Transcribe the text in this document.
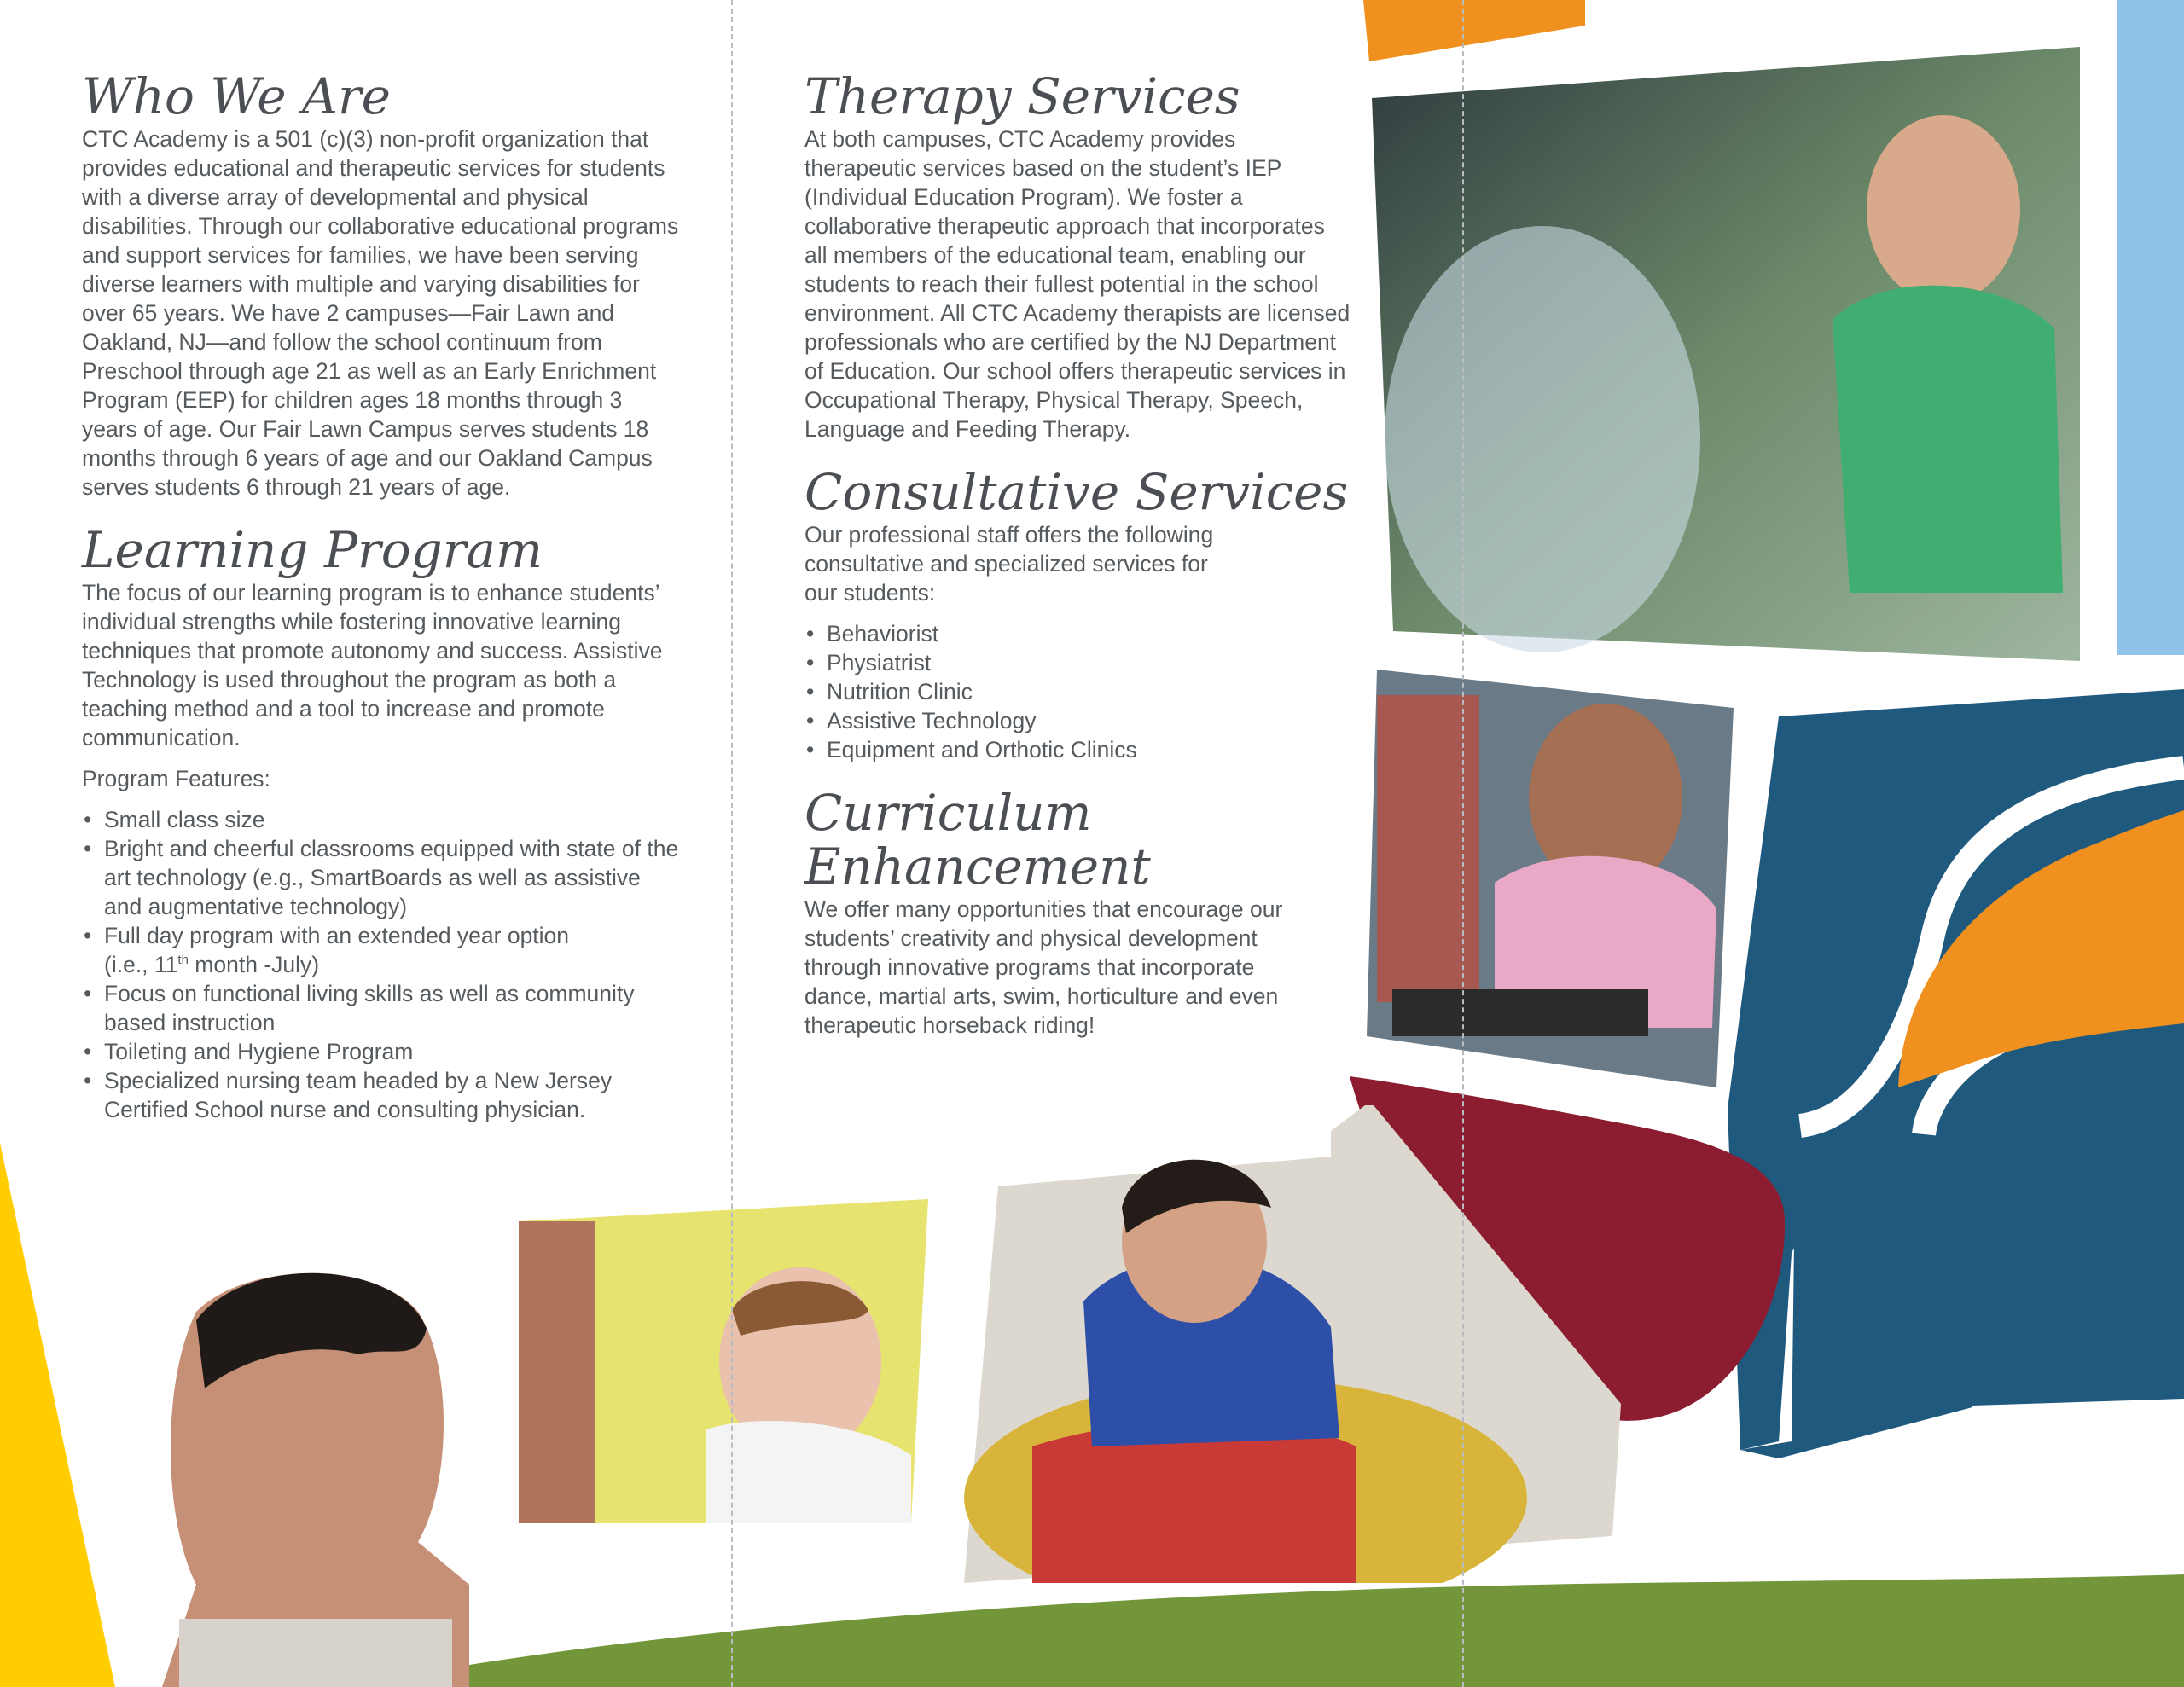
Who We Are

CTC Academy is a 501 (c)(3) non-profit organization that provides educational and therapeutic services for students with a diverse array of developmental and physical disabilities. Through our collaborative educational programs and support services for families, we have been serving diverse learners with multiple and varying disabilities for over 65 years. We have 2 campuses—Fair Lawn and Oakland, NJ—and follow the school continuum from Preschool through age 21 as well as an Early Enrichment Program (EEP) for children ages 18 months through 3 years of age. Our Fair Lawn Campus serves students 18 months through 6 years of age and our Oakland Campus serves students 6 through 21 years of age.

Learning Program

The focus of our learning program is to enhance students’ individual strengths while fostering innovative learning techniques that promote autonomy and success. Assistive Technology is used throughout the program as both a teaching method and a tool to increase and promote communication.

Program Features:

• Small class size
• Bright and cheerful classrooms equipped with state of the art technology (e.g., SmartBoards as well as assistive and augmentative technology)
• Full day program with an extended year option
(i.e., 11th month -July)
• Focus on functional living skills as well as community based instruction
• Toileting and Hygiene Program
• Specialized nursing team headed by a New Jersey Certified School nurse and consulting physician.
Therapy Services

At both campuses, CTC Academy provides therapeutic services based on the student’s IEP (Individual Education Program). We foster a collaborative therapeutic approach that incorporates all members of the educational team, enabling our students to reach their fullest potential in the school environment. All CTC Academy therapists are licensed professionals who are certified by the NJ Department of Education. Our school offers therapeutic services in Occupational Therapy, Physical Therapy, Speech, Language and Feeding Therapy.

Consultative Services

Our professional staff offers the following consultative and specialized services for our students:

• Behaviorist
• Physiatrist
• Nutrition Clinic
• Assistive Technology
• Equipment and Orthotic Clinics
Curriculum Enhancement

We offer many opportunities that encourage our students’ creativity and physical development through innovative programs that incorporate dance, martial arts, swim, horticulture and even therapeutic horseback riding!
